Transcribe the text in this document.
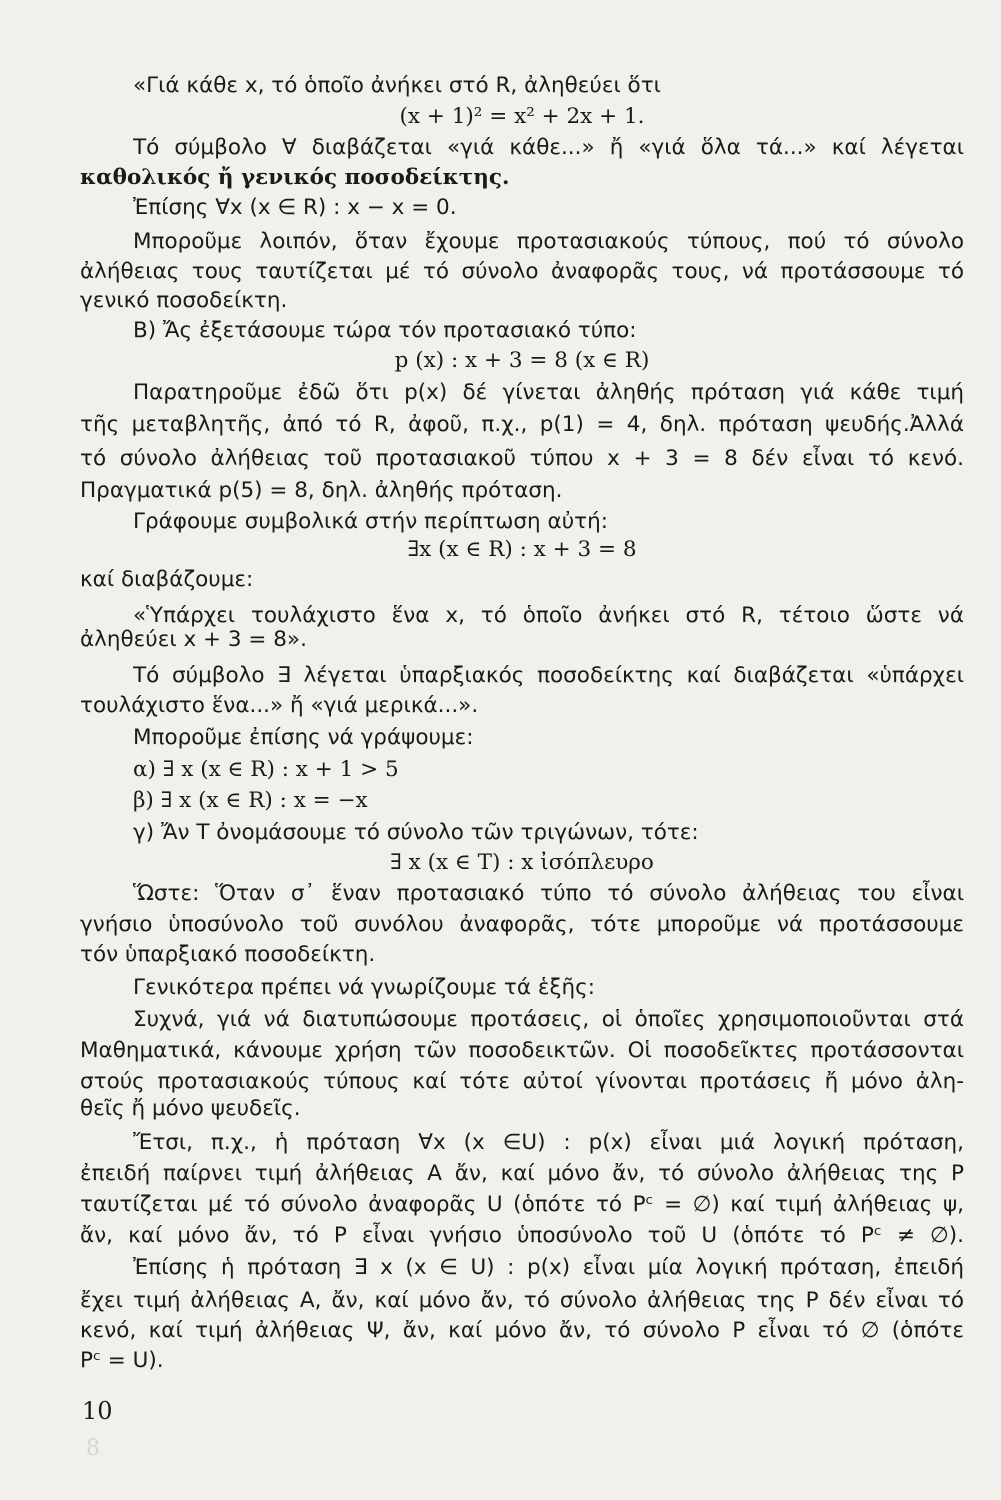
«Γιά κάθε x, τό ὁποῖο ἀνήκει στό R, ἀληθεύει ὅτι
(x + 1)² = x² + 2x + 1.
Τό σύμβολο ∀ διαβάζεται «γιά κάθε...» ἤ «γιά ὅλα τά...» καί λέγεται
καθολικός ἤ γενικός ποσοδείκτης.
Ἐπίσης ∀x (x ∈ R) : x − x = 0.
Μποροῦμε λοιπόν, ὅταν ἔχουμε προτασιακούς τύπους, πού τό σύνολο
ἀλήθειας τους ταυτίζεται μέ τό σύνολο ἀναφορᾶς τους, νά προτάσσουμε τό
γενικό ποσοδείκτη.
Β) Ἄς ἐξετάσουμε τώρα τόν προτασιακό τύπο:
p (x) : x + 3 = 8 (x ∈ R)
Παρατηροῦμε ἐδῶ ὅτι p(x) δέ γίνεται ἀληθής πρόταση γιά κάθε τιμή
τῆς μεταβλητῆς, ἀπό τό R, ἀφοῦ, π.χ., p(1) = 4, δηλ. πρόταση ψευδής.Ἀλλά
τό σύνολο ἀλήθειας τοῦ προτασιακοῦ τύπου x + 3 = 8 δέν εἶναι τό κενό.
Πραγματικά p(5) = 8, δηλ. ἀληθής πρόταση.
Γράφουμε συμβολικά στήν περίπτωση αὐτή:
∃x (x ∈ R) : x + 3 = 8
καί διαβάζουμε:
«Ὑπάρχει τουλάχιστο ἕνα x, τό ὁποῖο ἀνήκει στό R, τέτοιο ὥστε νά
ἀληθεύει x + 3 = 8».
Τό σύμβολο ∃ λέγεται ὑπαρξιακός ποσοδείκτης καί διαβάζεται «ὑπάρχει
τουλάχιστο ἕνα...» ἤ «γιά μερικά...».
Μποροῦμε ἐπίσης νά γράψουμε:
α) ∃ x (x ∈ R) : x + 1 > 5
β) ∃ x (x ∈ R) : x = −x
γ) Ἄν Τ ὀνομάσουμε τό σύνολο τῶν τριγώνων, τότε:
∃ x (x ∈ Τ) : x ἰσόπλευρο
Ὥστε: Ὅταν σ᾽ ἕναν προτασιακό τύπο τό σύνολο ἀλήθειας του εἶναι
γνήσιο ὑποσύνολο τοῦ συνόλου ἀναφορᾶς, τότε μποροῦμε νά προτάσσουμε
τόν ὑπαρξιακό ποσοδείκτη.
Γενικότερα πρέπει νά γνωρίζουμε τά ἑξῆς:
Συχνά, γιά νά διατυπώσουμε προτάσεις, οἱ ὁποῖες χρησιμοποιοῦνται στά
Μαθηματικά, κάνουμε χρήση τῶν ποσοδεικτῶν. Οἱ ποσοδεῖκτες προτάσσονται
στούς προτασιακούς τύπους καί τότε αὐτοί γίνονται προτάσεις ἤ μόνο ἀλη-
θεῖς ἤ μόνο ψευδεῖς.
Ἔτσι, π.χ., ἡ πρόταση ∀x (x ∈U) : p(x) εἶναι μιά λογική πρόταση,
ἐπειδή παίρνει τιμή ἀλήθειας Α ἄν, καί μόνο ἄν, τό σύνολο ἀλήθειας της Ρ
ταυτίζεται μέ τό σύνολο ἀναφορᾶς U (ὁπότε τό Ρᶜ = ∅) καί τιμή ἀλήθειας ψ,
ἄν, καί μόνο ἄν, τό Ρ εἶναι γνήσιο ὑποσύνολο τοῦ U (ὁπότε τό Ρᶜ ≠ ∅).
Ἐπίσης ἡ πρόταση ∃ x (x ∈ U) : p(x) εἶναι μία λογική πρόταση, ἐπειδή
ἔχει τιμή ἀλήθειας Α, ἄν, καί μόνο ἄν, τό σύνολο ἀλήθειας της Ρ δέν εἶναι τό
κενό, καί τιμή ἀλήθειας Ψ, ἄν, καί μόνο ἄν, τό σύνολο Ρ εἶναι τό ∅ (ὁπότε
Ρᶜ = U).
10
8
